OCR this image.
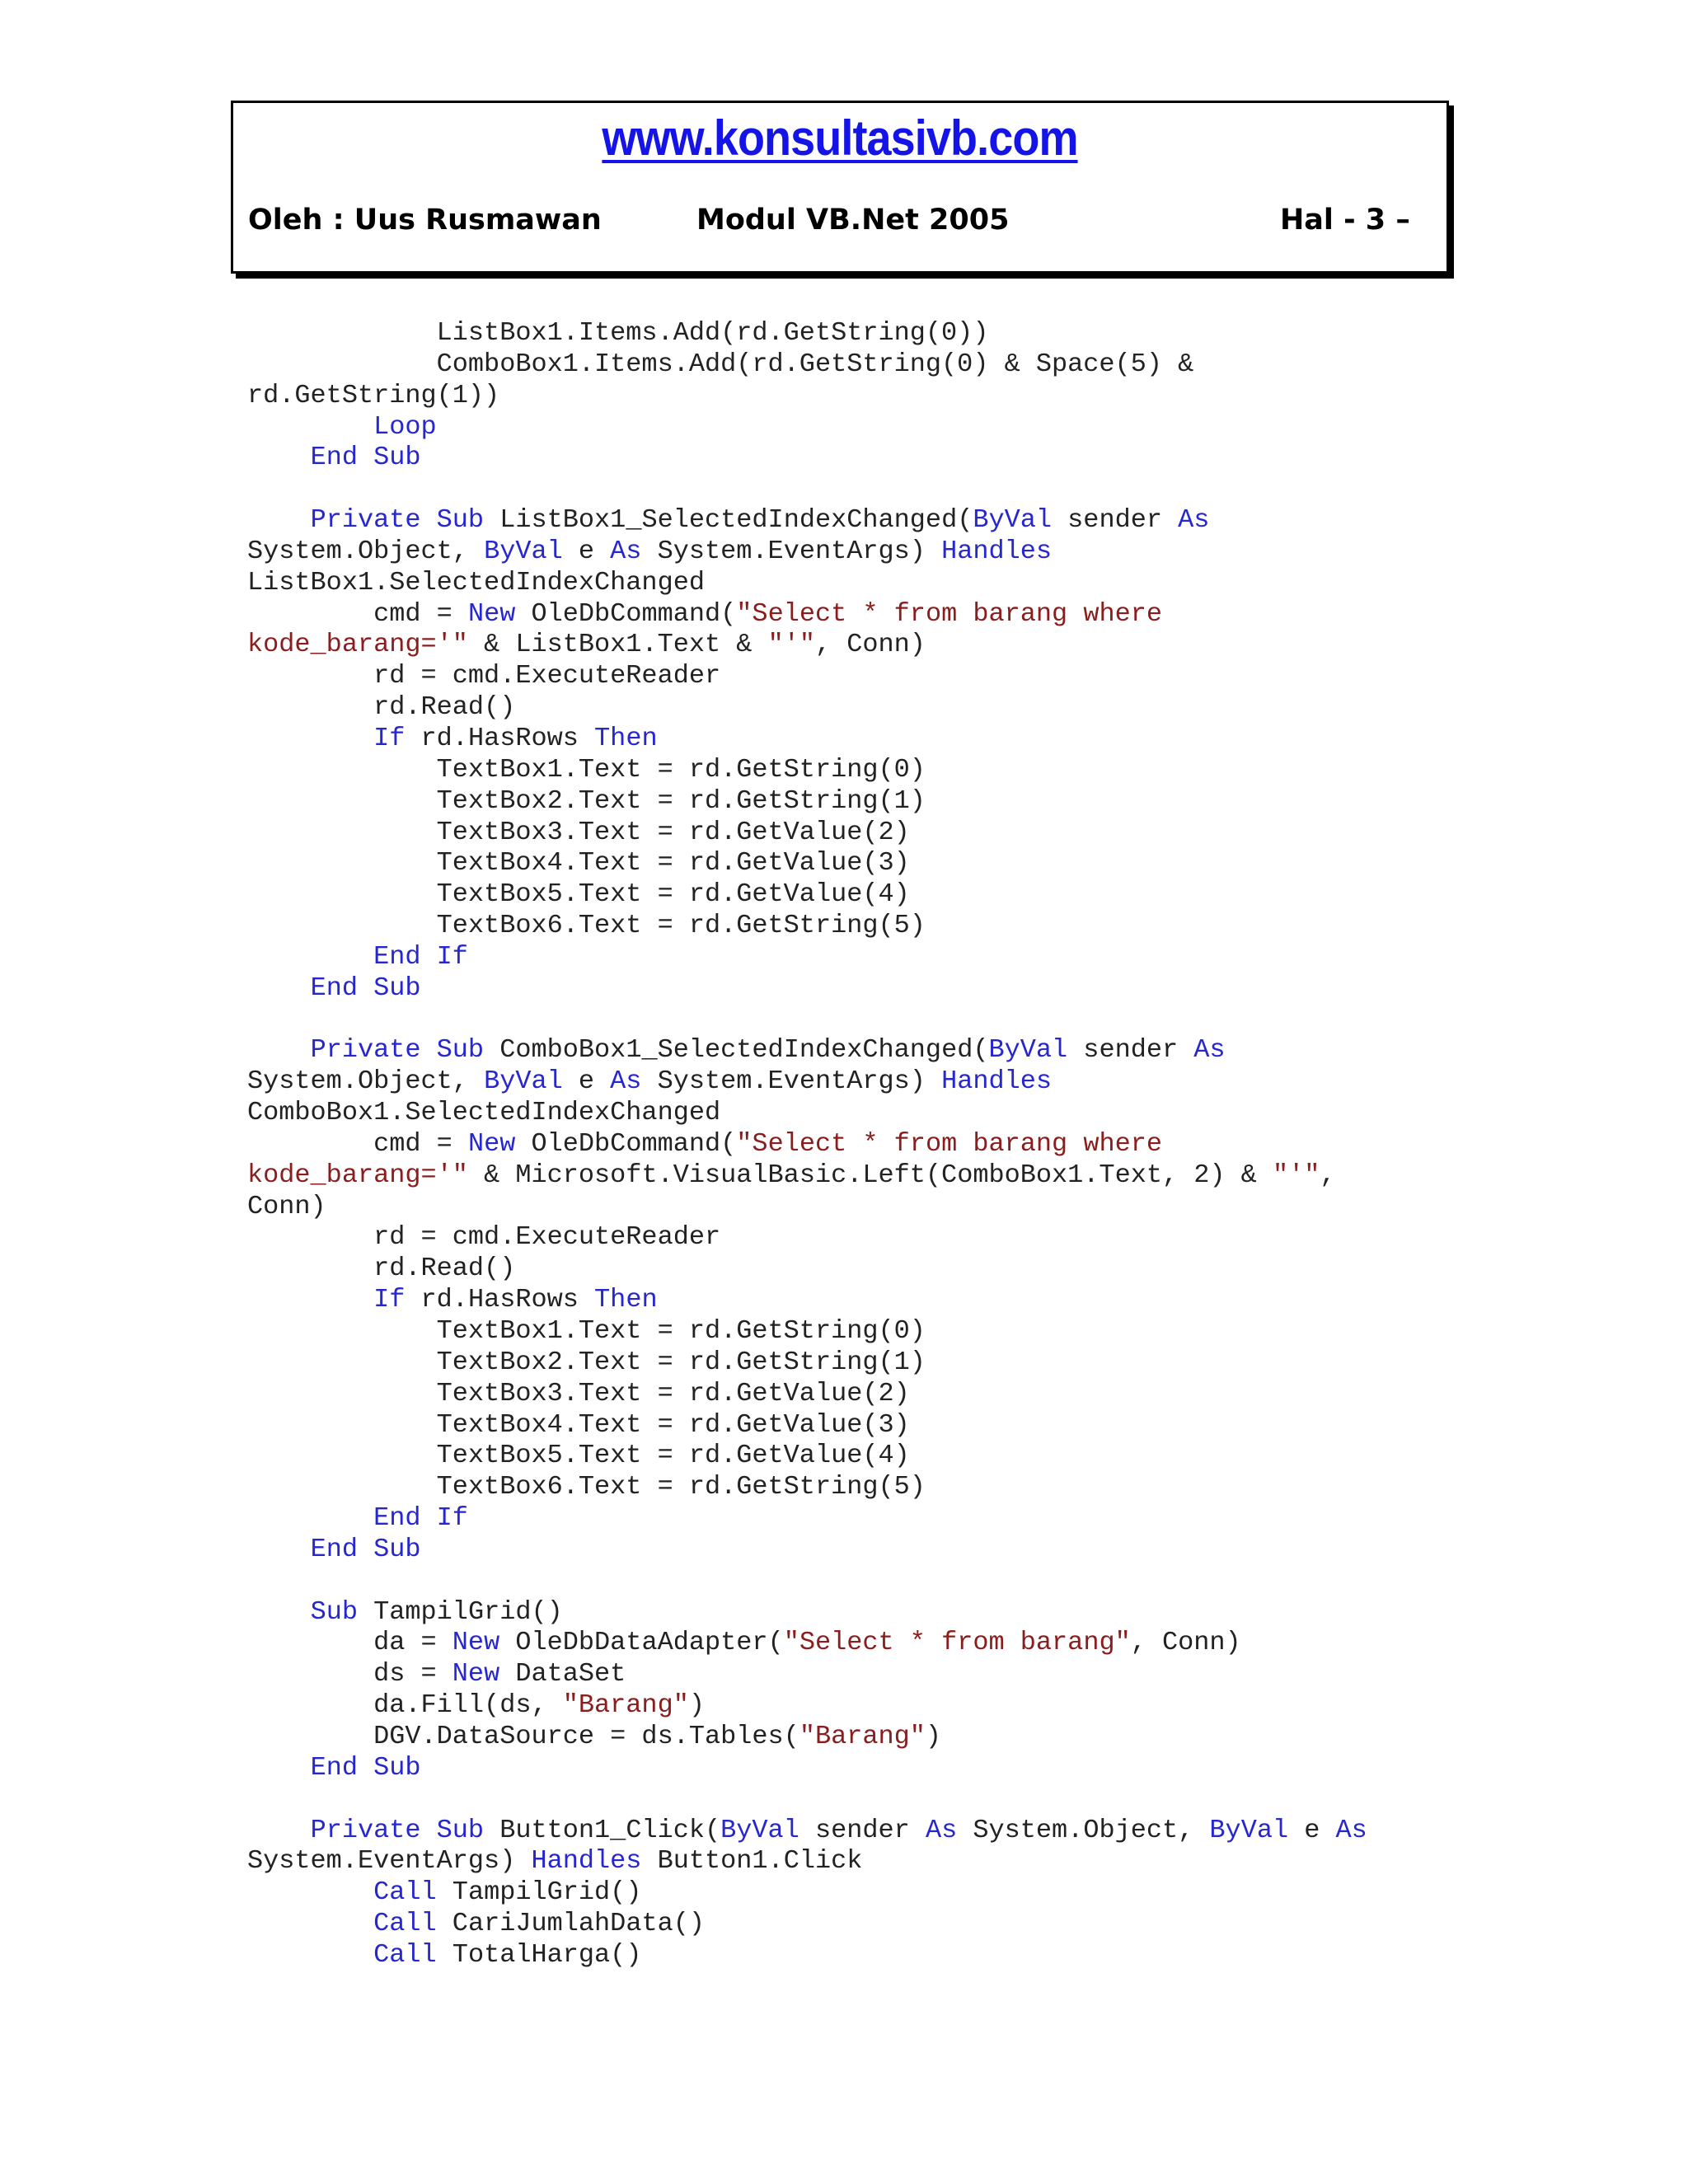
www.konsultasivb.com
Oleh : Uus Rusmawan	Modul VB.Net 2005	Hal - 3 –
ListBox1.Items.Add(rd.GetString(0))
ComboBox1.Items.Add(rd.GetString(0) & Space(5) &
rd.GetString(1))
Loop
End Sub
Private Sub ListBox1_SelectedIndexChanged(ByVal sender As
System.Object, ByVal e As System.EventArgs) Handles
ListBox1.SelectedIndexChanged
cmd = New OleDbCommand("Select * from barang where
kode_barang='" & ListBox1.Text & "'", Conn)
rd = cmd.ExecuteReader
rd.Read()
If rd.HasRows Then
TextBox1.Text = rd.GetString(0)
TextBox2.Text = rd.GetString(1)
TextBox3.Text = rd.GetValue(2)
TextBox4.Text = rd.GetValue(3)
TextBox5.Text = rd.GetValue(4)
TextBox6.Text = rd.GetString(5)
End If
End Sub
Private Sub ComboBox1_SelectedIndexChanged(ByVal sender As
System.Object, ByVal e As System.EventArgs) Handles
ComboBox1.SelectedIndexChanged
cmd = New OleDbCommand("Select * from barang where
kode_barang='" & Microsoft.VisualBasic.Left(ComboBox1.Text, 2) & "'",
Conn)
rd = cmd.ExecuteReader
rd.Read()
If rd.HasRows Then
TextBox1.Text = rd.GetString(0)
TextBox2.Text = rd.GetString(1)
TextBox3.Text = rd.GetValue(2)
TextBox4.Text = rd.GetValue(3)
TextBox5.Text = rd.GetValue(4)
TextBox6.Text = rd.GetString(5)
End If
End Sub
Sub TampilGrid()
da = New OleDbDataAdapter("Select * from barang", Conn)
ds = New DataSet
da.Fill(ds, "Barang")
DGV.DataSource = ds.Tables("Barang")
End Sub
Private Sub Button1_Click(ByVal sender As System.Object, ByVal e As
System.EventArgs) Handles Button1.Click
Call TampilGrid()
Call CariJumlahData()
Call TotalHarga()
